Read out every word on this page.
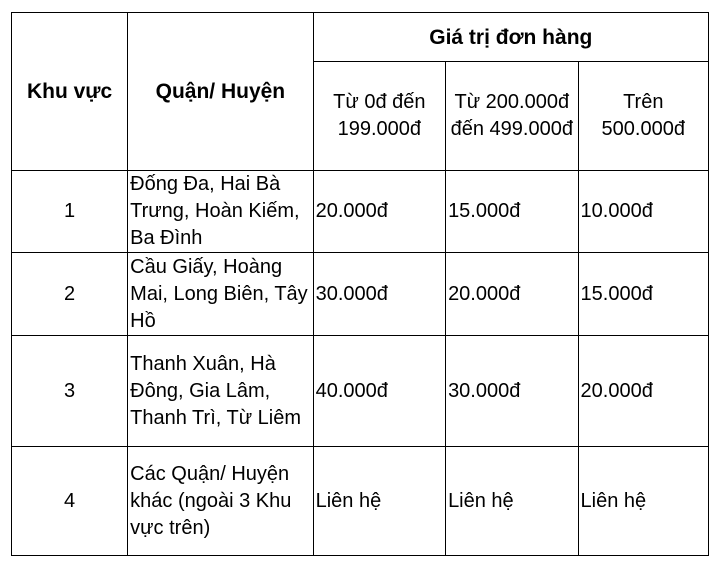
Khu vực	Quận/ Huyện	Giá trị đơn hàng		
		Từ 0đ đến 199.000đ	Từ 200.000đ đến 499.000đ	Trên 500.000đ
1	Đống Đa, Hai Bà Trưng, Hoàn Kiếm, Ba Đình	20.000đ	15.000đ	10.000đ
2	Cầu Giấy, Hoàng Mai, Long Biên, Tây Hồ	30.000đ	20.000đ	15.000đ
3	Thanh Xuân, Hà Đông, Gia Lâm, Thanh Trì, Từ Liêm	40.000đ	30.000đ	20.000đ
4	Các Quận/ Huyện khác (ngoài 3 Khu vực trên)	Liên hệ	Liên hệ	Liên hệ
